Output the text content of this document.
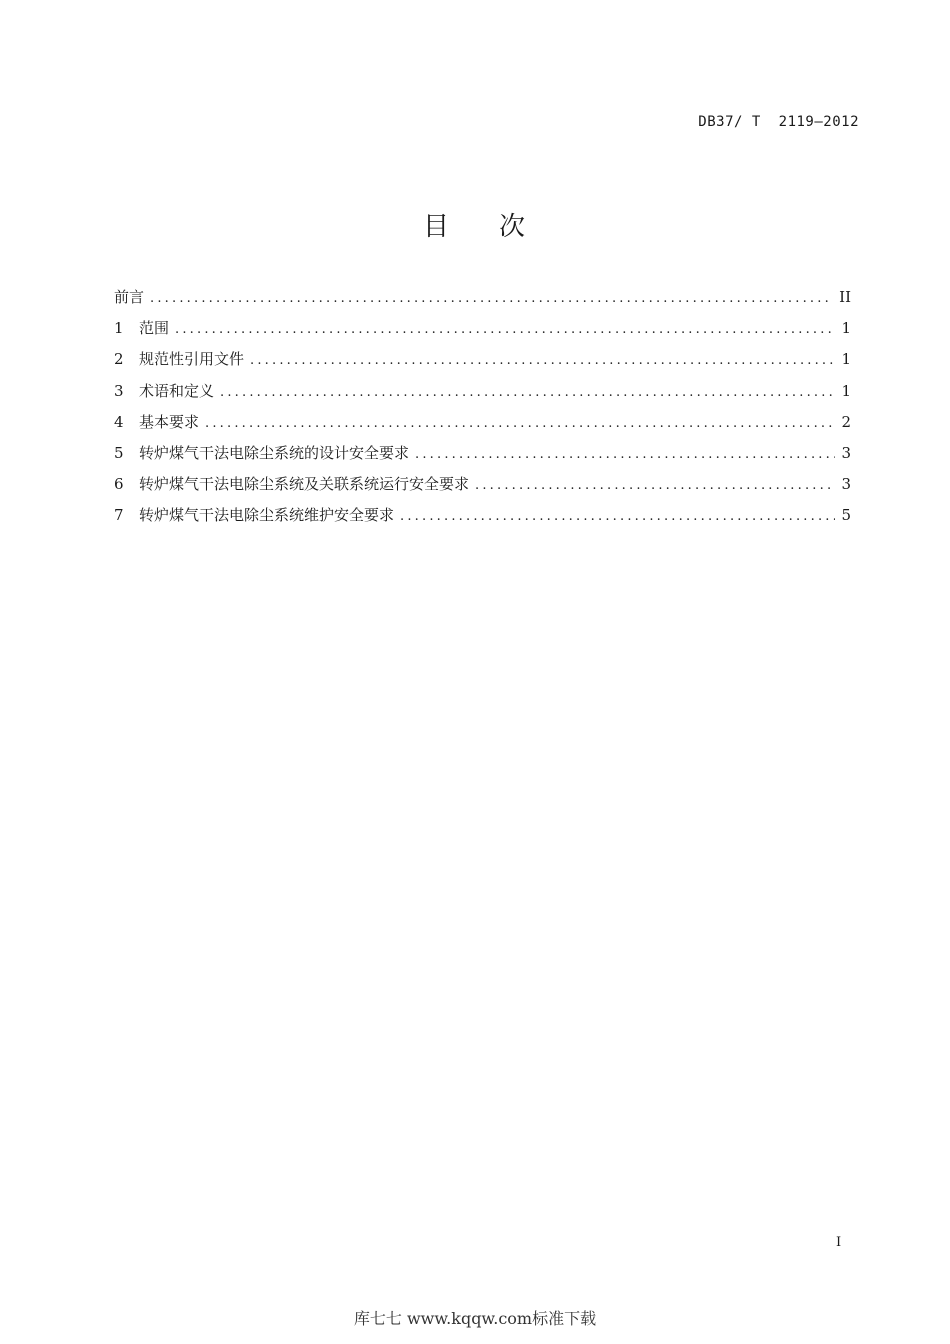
DB37/ T  2119—2012
目 次
前言 .....	II
1	范围 .....	1
2	规范性引用文件 .....	1
3	术语和定义 .....	1
4	基本要求 .....	2
5	转炉煤气干法电除尘系统的设计安全要求 .....	3
6	转炉煤气干法电除尘系统及关联系统运行安全要求 .....	3
7	转炉煤气干法电除尘系统维护安全要求 .....	5
I
库七七 www.kqqw.com标准下载
